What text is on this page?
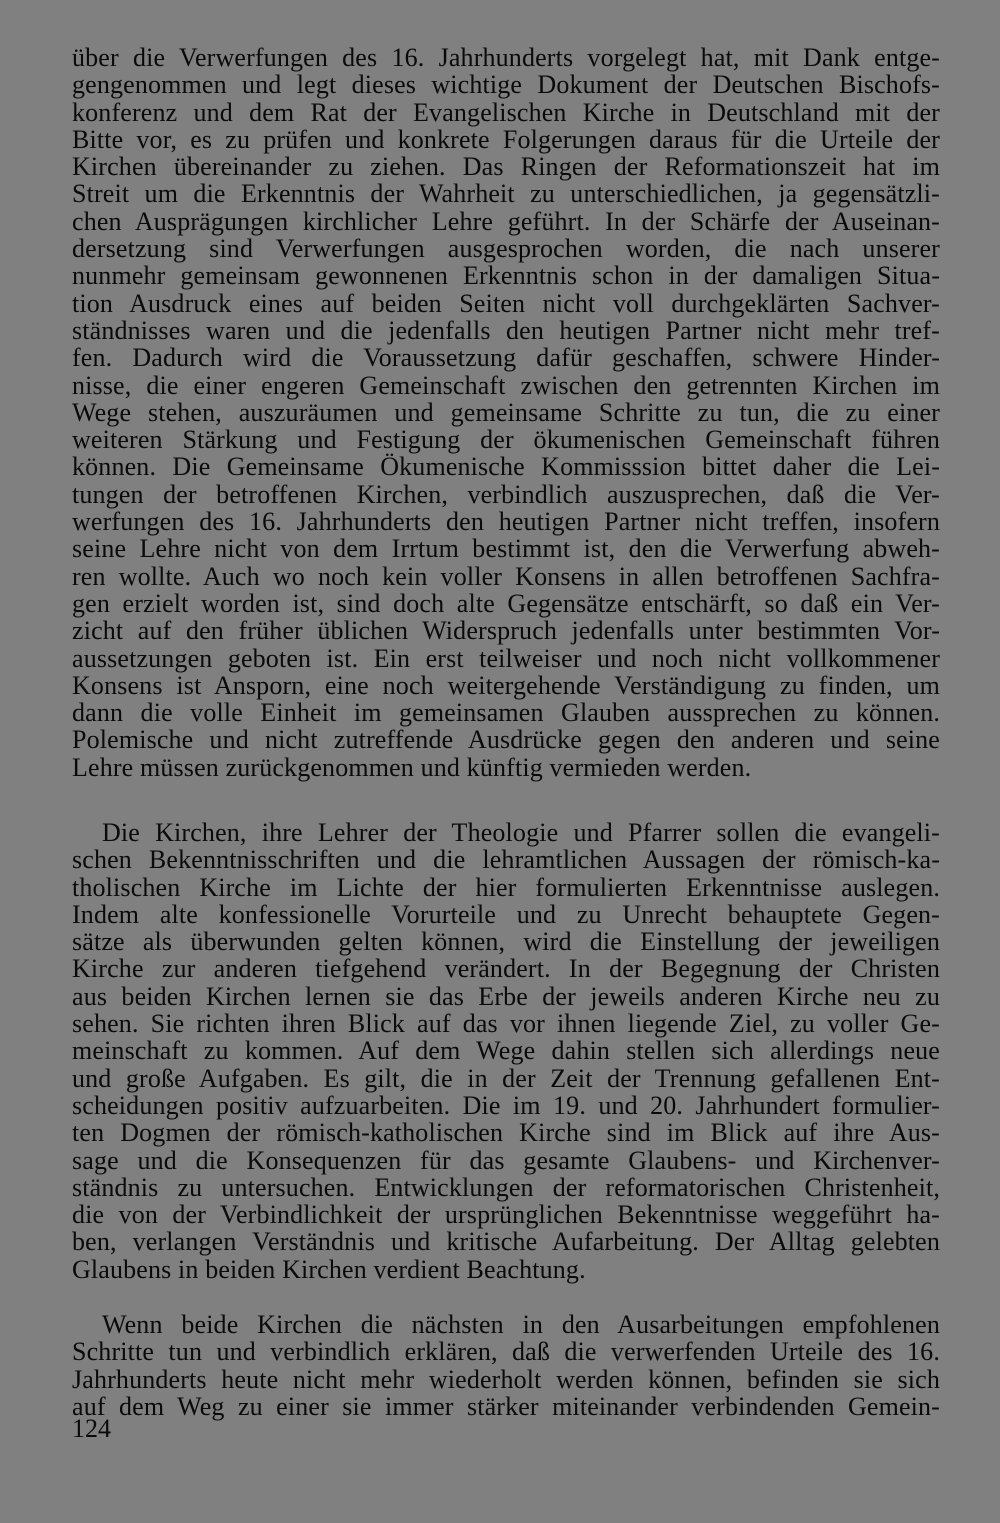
über die Verwerfungen des 16. Jahrhunderts vorgelegt hat, mit Dank entge-
gengenommen und legt dieses wichtige Dokument der Deutschen Bischofs-
konferenz und dem Rat der Evangelischen Kirche in Deutschland mit der
Bitte vor, es zu prüfen und konkrete Folgerungen daraus für die Urteile der
Kirchen übereinander zu ziehen. Das Ringen der Reformationszeit hat im
Streit um die Erkenntnis der Wahrheit zu unterschiedlichen, ja gegensätzli-
chen Ausprägungen kirchlicher Lehre geführt. In der Schärfe der Auseinan-
dersetzung sind Verwerfungen ausgesprochen worden, die nach unserer
nunmehr gemeinsam gewonnenen Erkenntnis schon in der damaligen Situa-
tion Ausdruck eines auf beiden Seiten nicht voll durchgeklärten Sachver-
ständnisses waren und die jedenfalls den heutigen Partner nicht mehr tref-
fen. Dadurch wird die Voraussetzung dafür geschaffen, schwere Hinder-
nisse, die einer engeren Gemeinschaft zwischen den getrennten Kirchen im
Wege stehen, auszuräumen und gemeinsame Schritte zu tun, die zu einer
weiteren Stärkung und Festigung der ökumenischen Gemeinschaft führen
können. Die Gemeinsame Ökumenische Kommisssion bittet daher die Lei-
tungen der betroffenen Kirchen, verbindlich auszusprechen, daß die Ver-
werfungen des 16. Jahrhunderts den heutigen Partner nicht treffen, insofern
seine Lehre nicht von dem Irrtum bestimmt ist, den die Verwerfung abweh-
ren wollte. Auch wo noch kein voller Konsens in allen betroffenen Sachfra-
gen erzielt worden ist, sind doch alte Gegensätze entschärft, so daß ein Ver-
zicht auf den früher üblichen Widerspruch jedenfalls unter bestimmten Vor-
aussetzungen geboten ist. Ein erst teilweiser und noch nicht vollkommener
Konsens ist Ansporn, eine noch weitergehende Verständigung zu finden, um
dann die volle Einheit im gemeinsamen Glauben aussprechen zu können.
Polemische und nicht zutreffende Ausdrücke gegen den anderen und seine
Lehre müssen zurückgenommen und künftig vermieden werden.
Die Kirchen, ihre Lehrer der Theologie und Pfarrer sollen die evangeli-
schen Bekenntnisschriften und die lehramtlichen Aussagen der römisch-ka-
tholischen Kirche im Lichte der hier formulierten Erkenntnisse auslegen.
Indem alte konfessionelle Vorurteile und zu Unrecht behauptete Gegen-
sätze als überwunden gelten können, wird die Einstellung der jeweiligen
Kirche zur anderen tiefgehend verändert. In der Begegnung der Christen
aus beiden Kirchen lernen sie das Erbe der jeweils anderen Kirche neu zu
sehen. Sie richten ihren Blick auf das vor ihnen liegende Ziel, zu voller Ge-
meinschaft zu kommen. Auf dem Wege dahin stellen sich allerdings neue
und große Aufgaben. Es gilt, die in der Zeit der Trennung gefallenen Ent-
scheidungen positiv aufzuarbeiten. Die im 19. und 20. Jahrhundert formulier-
ten Dogmen der römisch-katholischen Kirche sind im Blick auf ihre Aus-
sage und die Konsequenzen für das gesamte Glaubens- und Kirchenver-
ständnis zu untersuchen. Entwicklungen der reformatorischen Christenheit,
die von der Verbindlichkeit der ursprünglichen Bekenntnisse weggeführt ha-
ben, verlangen Verständnis und kritische Aufarbeitung. Der Alltag gelebten
Glaubens in beiden Kirchen verdient Beachtung.
Wenn beide Kirchen die nächsten in den Ausarbeitungen empfohlenen
Schritte tun und verbindlich erklären, daß die verwerfenden Urteile des 16.
Jahrhunderts heute nicht mehr wiederholt werden können, befinden sie sich
auf dem Weg zu einer sie immer stärker miteinander verbindenden Gemein-
124
